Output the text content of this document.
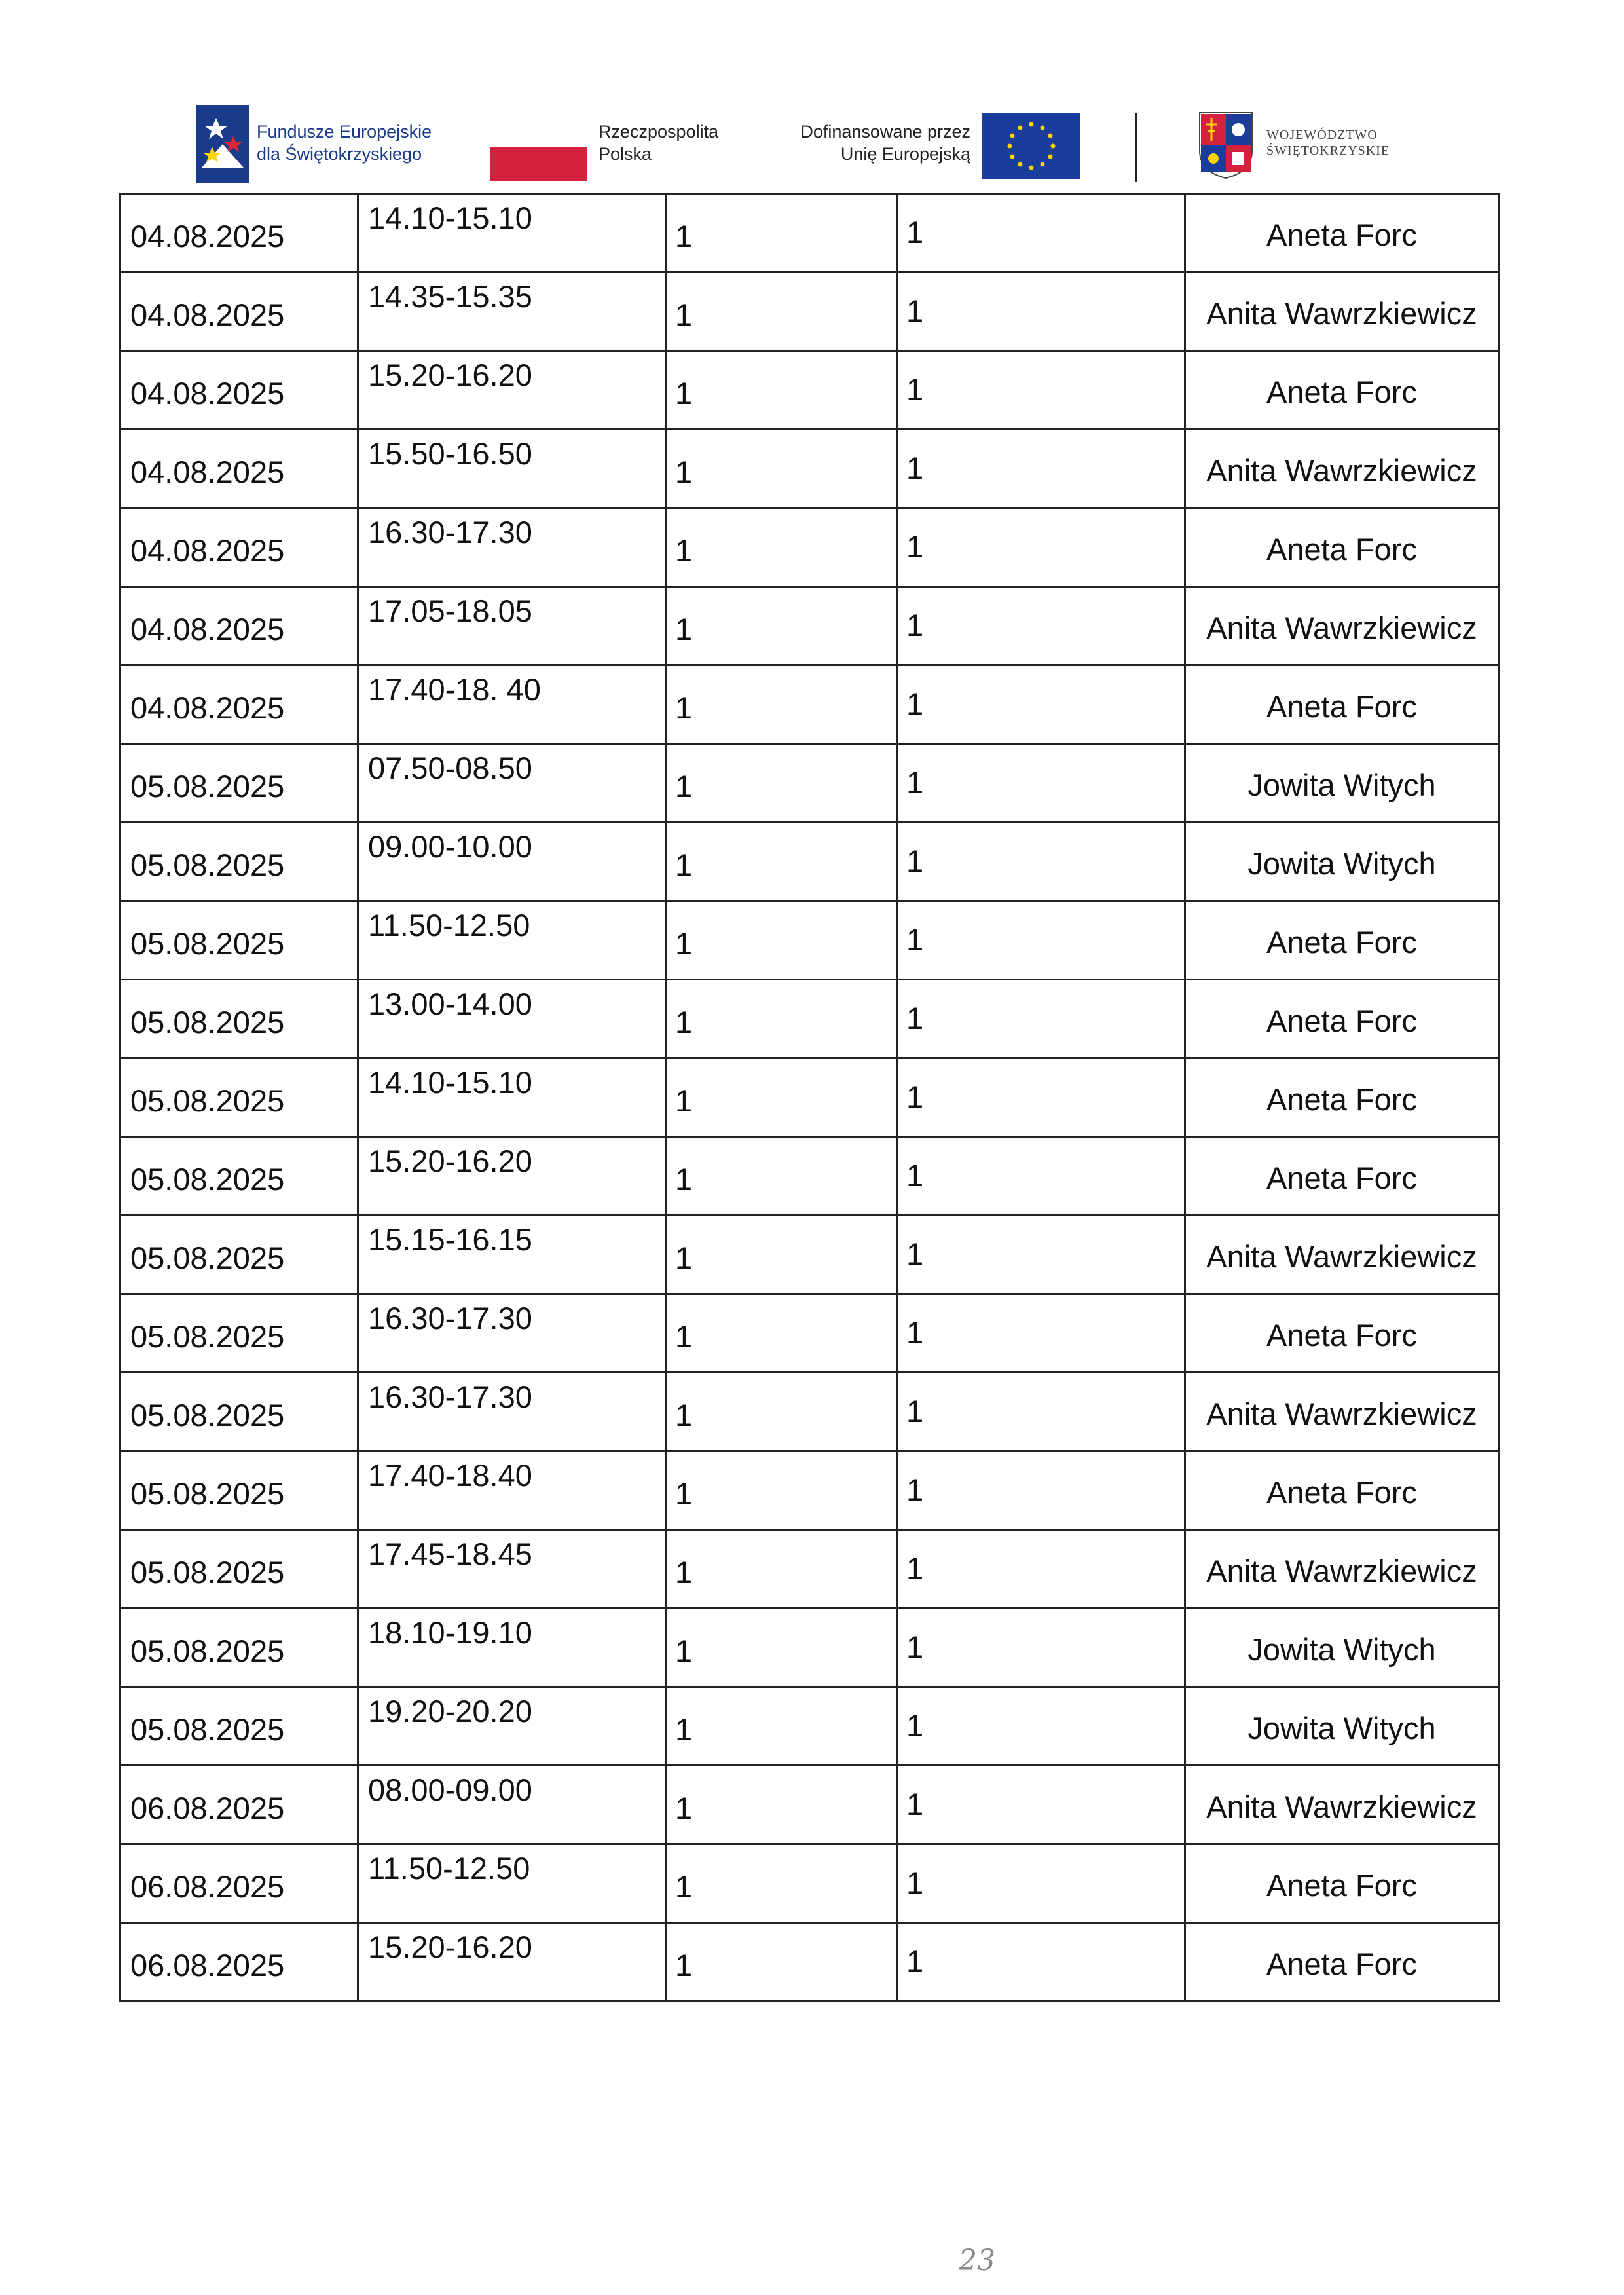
Fundusze Europejskie
dla Świętokrzyskiego
Rzeczpospolita
Polska
Dofinansowane przez
Unię Europejską
WOJEWÓDZTWO
ŚWIĘTOKRZYSKIE
04.08.2025	14.10-15.10	1	1	Aneta Forc

04.08.2025	14.35-15.35	1	1	Anita Wawrzkiewicz

04.08.2025	15.20-16.20	1	1	Aneta Forc

04.08.2025	15.50-16.50	1	1	Anita Wawrzkiewicz

04.08.2025	16.30-17.30	1	1	Aneta Forc

04.08.2025	17.05-18.05	1	1	Anita Wawrzkiewicz

04.08.2025	17.40-18. 40	1	1	Aneta Forc

05.08.2025	07.50-08.50	1	1	Jowita Witych

05.08.2025	09.00-10.00	1	1	Jowita Witych

05.08.2025	11.50-12.50	1	1	Aneta Forc

05.08.2025	13.00-14.00	1	1	Aneta Forc

05.08.2025	14.10-15.10	1	1	Aneta Forc

05.08.2025	15.20-16.20	1	1	Aneta Forc

05.08.2025	15.15-16.15	1	1	Anita Wawrzkiewicz

05.08.2025	16.30-17.30	1	1	Aneta Forc

05.08.2025	16.30-17.30	1	1	Anita Wawrzkiewicz

05.08.2025	17.40-18.40	1	1	Aneta Forc

05.08.2025	17.45-18.45	1	1	Anita Wawrzkiewicz

05.08.2025	18.10-19.10	1	1	Jowita Witych

05.08.2025	19.20-20.20	1	1	Jowita Witych

06.08.2025	08.00-09.00	1	1	Anita Wawrzkiewicz

06.08.2025	11.50-12.50	1	1	Aneta Forc

06.08.2025	15.20-16.20	1	1	Aneta Forc
23
